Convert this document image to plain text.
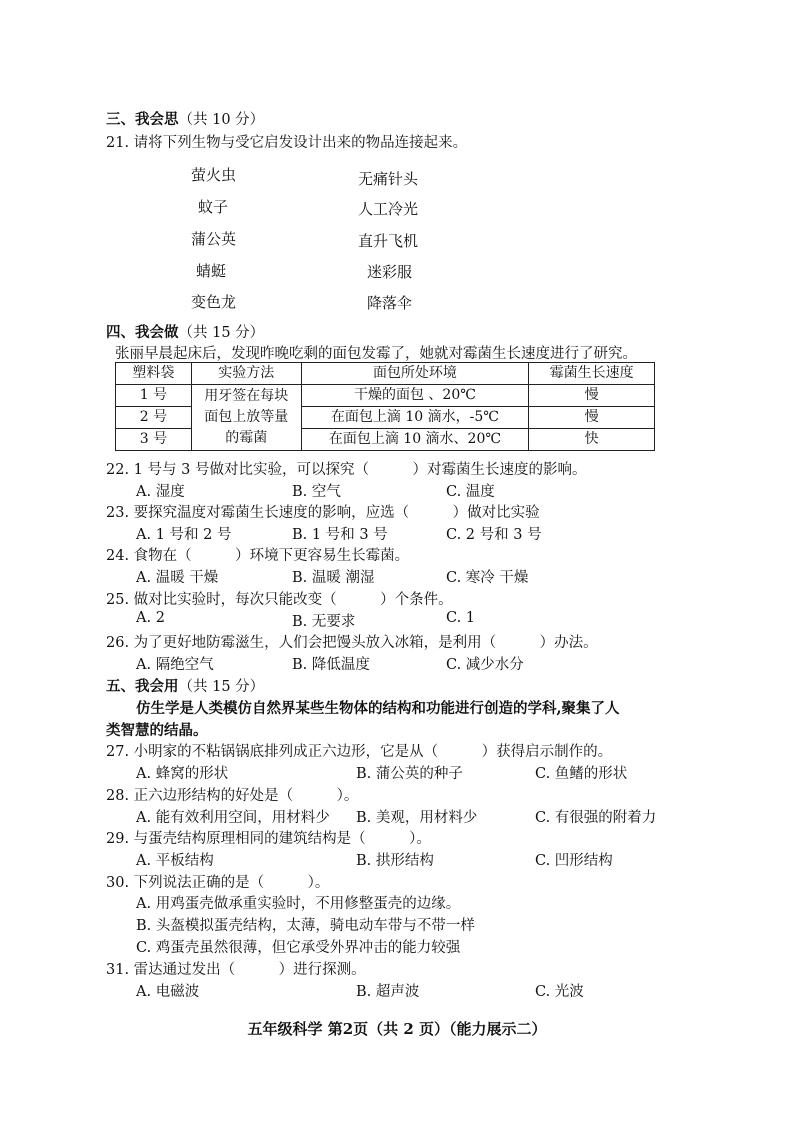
三、我会思（共 10 分）
21. 请将下列生物与受它启发设计出来的物品连接起来。
萤火虫
蚊子
蒲公英
蜻蜓
变色龙
无痛针头
人工冷光
直升飞机
迷彩服
降落伞
四、我会做（共 15 分）
张丽早晨起床后，发现昨晚吃剩的面包发霉了，她就对霉菌生长速度进行了研究。
塑料袋	实验方法	面包所处环境	霉菌生长速度
1 号	用牙签在每块
面包上放等量
的霉菌	干燥的面包 、20℃	慢
2 号		在面包上滴 10 滴水，-5℃	慢
3 号		在面包上滴 10 滴水、20℃	快
22. 1 号与 3 号做对比实验，可以探究（　　　）对霉菌生长速度的影响。
A. 湿度	B. 空气	C. 温度
23. 要探究温度对霉菌生长速度的影响，应选（　　　）做对比实验
A. 1 号和 2 号	B. 1 号和 3 号	C. 2 号和 3 号
24. 食物在（　　　）环境下更容易生长霉菌。
A. 温暖 干燥	B. 温暖 潮湿	C. 寒冷 干燥
25. 做对比实验时，每次只能改变（　　　）个条件。
A. 2	B. 无要求	C. 1
26. 为了更好地防霉滋生，人们会把馒头放入冰箱，是利用（　　　）办法。
A. 隔绝空气	B. 降低温度	C. 减少水分
五、我会用（共 15 分）
仿生学是人类模仿自然界某些生物体的结构和功能进行创造的学科,聚集了人
类智慧的结晶。
27. 小明家的不粘锅锅底排列成正六边形，它是从（　　　）获得启示制作的。
A. 蜂窝的形状	B. 蒲公英的种子	C. 鱼鳍的形状
28. 正六边形结构的好处是（　　　）。
A. 能有效利用空间，用材料少 B. 美观，用材料少	C. 有很强的附着力
29. 与蛋壳结构原理相同的建筑结构是（　　　）。
A. 平板结构	B. 拱形结构	C. 凹形结构
30. 下列说法正确的是（　　　）。
A. 用鸡蛋壳做承重实验时，不用修整蛋壳的边缘。
B. 头盔模拟蛋壳结构，太薄，骑电动车带与不带一样
C. 鸡蛋壳虽然很薄，但它承受外界冲击的能力较强
31. 雷达通过发出（　　　）进行探测。
A. 电磁波	B. 超声波	C. 光波
五年级科学 第2页（共 2 页）（能力展示二）
